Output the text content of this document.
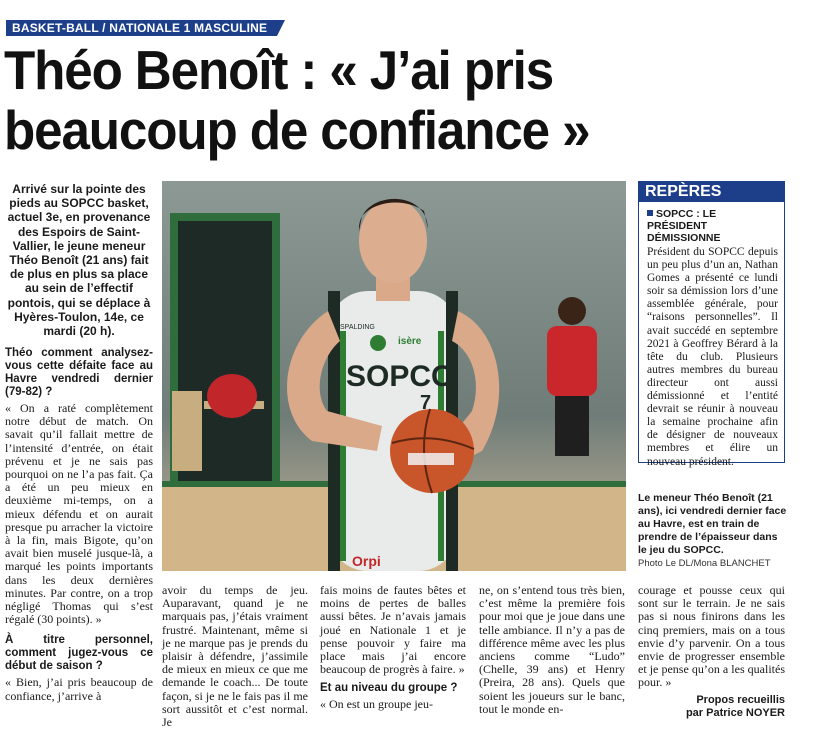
BASKET-BALL / NATIONALE 1 MASCULINE
Théo Benoît : « J’ai pris
beaucoup de confiance »
Arrivé sur la pointe des pieds au SOPCC basket, actuel 3e, en provenance des Espoirs de Saint-Vallier, le jeune meneur Théo Benoît (21 ans) fait de plus en plus sa place au sein de l’effectif pontois, qui se déplace à Hyères-Toulon, 14e, ce mardi (20 h).
Théo comment analysez-vous cette défaite face au Havre vendredi dernier (79-82) ?

« On a raté complètement notre début de match. On savait qu’il fallait mettre de l’intensité d’entrée, on était prévenu et je ne sais pas pourquoi on ne l’a pas fait. Ça a été un peu mieux en deuxième mi-temps, on a mieux défendu et on aurait presque pu arracher la victoire à la fin, mais Bigote, qu’on avait bien muselé jusque-là, a marqué les points importants dans les deux dernières minutes. Par contre, on a trop négligé Thomas qui s’est régalé (30 points). »

À titre personnel, comment jugez-vous ce début de saison ?

« Bien, j’ai pris beaucoup de confiance, j’arrive à

SOPCC
7
isère
SPALDING
Orpi
REPÈRES
SOPCC : LE PRÉSIDENT DÉMISSIONNE
Président du SOPCC depuis un peu plus d’un an, Nathan Gomes a présenté ce lundi soir sa démission lors d’une assemblée générale, pour “raisons personnelles”. Il avait succédé en septembre 2021 à Geoffrey Bérard à la tête du club. Plusieurs autres membres du bureau directeur ont aussi démissionné et l’entité devrait se réunir à nouveau la semaine prochaine afin de désigner de nouveaux membres et élire un nouveau président.
Le meneur Théo Benoît (21 ans), ici vendredi dernier face au Havre, est en train de prendre de l’épaisseur dans le jeu du SOPCC.
Photo Le DL/Mona BLANCHET

avoir du temps de jeu. Auparavant, quand je ne marquais pas, j’étais vraiment frustré. Maintenant, même si je ne marque pas je prends du plaisir à défendre, j’assimile de mieux en mieux ce que me demande le coach... De toute façon, si je ne le fais pas il me sort aussitôt et c’est normal. Je

fais moins de fautes bêtes et moins de pertes de balles aussi bêtes. Je n’avais jamais joué en Nationale 1 et je pense pouvoir y faire ma place mais j’ai encore beaucoup de progrès à faire. »

Et au niveau du groupe ?

« On est un groupe jeu-

ne, on s’entend tous très bien, c’est même la première fois pour moi que je joue dans une telle ambiance. Il n’y a pas de différence même avec les plus anciens comme “Ludo” (Chelle, 39 ans) et Henry (Preira, 28 ans). Quels que soient les joueurs sur le banc, tout le monde en-

courage et pousse ceux qui sont sur le terrain. Je ne sais pas si nous finirons dans les cinq premiers, mais on a tous envie d’y parvenir. On a tous envie de progresser ensemble et je pense qu’on a les qualités pour. »

Propos recueillis
par Patrice NOYER
